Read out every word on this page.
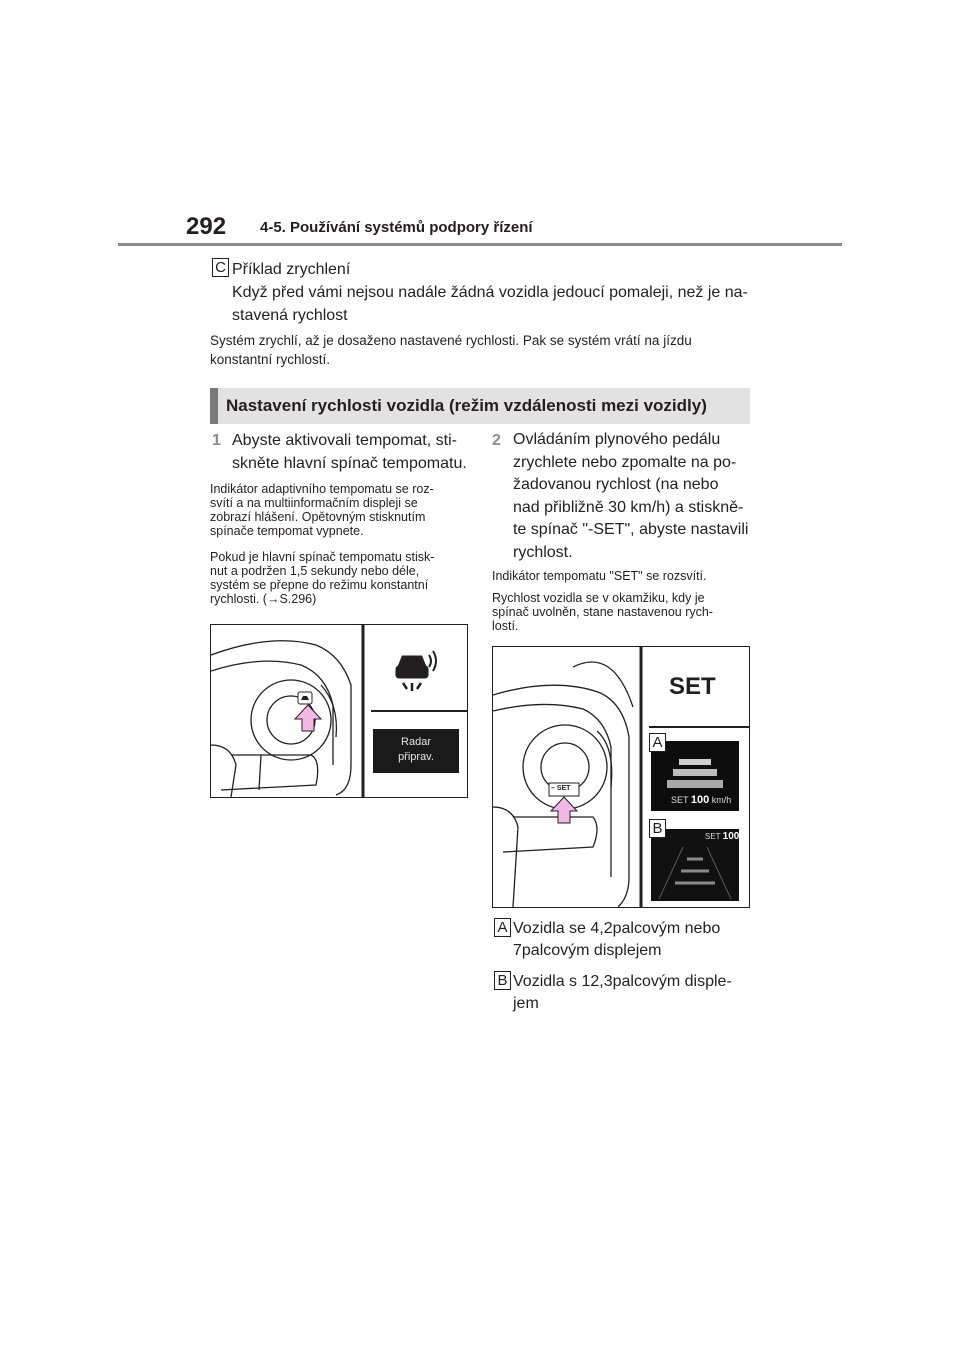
292 4-5. Používání systémů podpory řízení
C Příklad zrychlení
Když před vámi nejsou nadále žádná vozidla jedoucí pomaleji, než je na-
stavená rychlost
Systém zrychlí, až je dosaženo nastavené rychlosti. Pak se systém vrátí na jízdu
konstantní rychlostí.
Nastavení rychlosti vozidla (režim vzdálenosti mezi vozidly)
1 Abyste aktivovali tempomat, sti-
skněte hlavní spínač tempomatu.
Indikátor adaptivního tempomatu se roz-
svítí a na multiinformačním displeji se
zobrazí hlášení. Opětovným stisknutím
spínače tempomat vypnete.
Pokud je hlavní spínač tempomatu stisk-
nut a podržen 1,5 sekundy nebo déle,
systém se přepne do režimu konstantní
rychlosti. (→S.296)
Radar
připrav.
2 Ovládáním plynového pedálu
zrychlete nebo zpomalte na po-
žadovanou rychlost (na nebo
nad přibližně 30 km/h) a stiskně-
te spínač "-SET", abyste nastavili
rychlost.
Indikátor tempomatu "SET" se rozsvítí.
Rychlost vozidla se v okamžiku, kdy je
spínač uvolněn, stane nastavenou rych-
lostí.
SET
– SET
A
B
SET 100 km/h
SET 100
A Vozidla se 4,2palcovým nebo
7palcovým displejem
B Vozidla s 12,3palcovým disple-
jem
